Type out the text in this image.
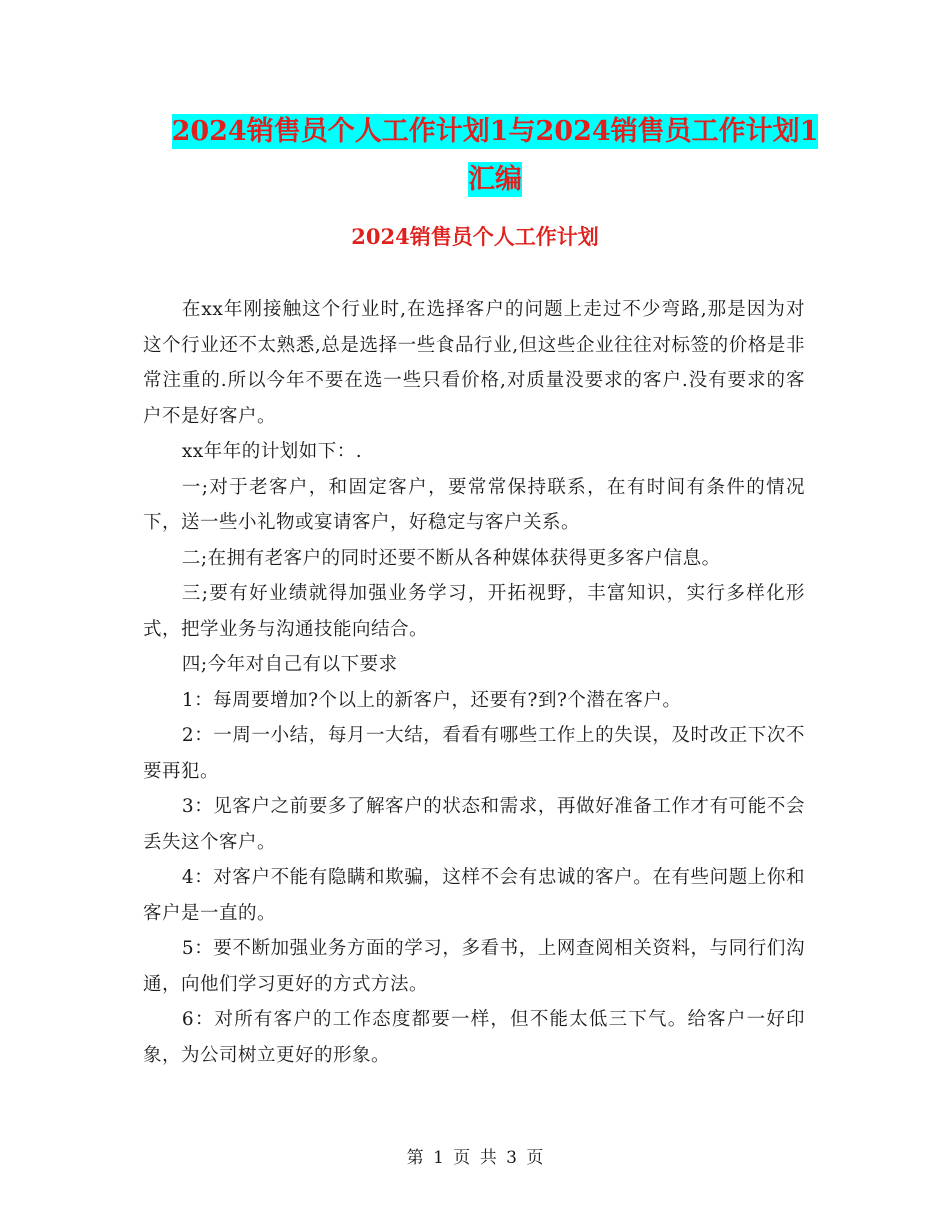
2024销售员个人工作计划1与2024销售员工作计划1
汇编
2024销售员个人工作计划

在xx年刚接触这个行业时,在选择客户的问题上走过不少弯路,那是因为对这个行业还不太熟悉,总是选择一些食品行业,但这些企业往往对标签的价格是非常注重的.所以今年不要在选一些只看价格,对质量没要求的客户.没有要求的客户不是好客户。

xx年年的计划如下：.

一;对于老客户，和固定客户，要常常保持联系，在有时间有条件的情况下，送一些小礼物或宴请客户，好稳定与客户关系。

二;在拥有老客户的同时还要不断从各种媒体获得更多客户信息。

三;要有好业绩就得加强业务学习，开拓视野，丰富知识，实行多样化形式，把学业务与沟通技能向结合。

四;今年对自己有以下要求

1：每周要增加?个以上的新客户，还要有?到?个潜在客户。

2：一周一小结，每月一大结，看看有哪些工作上的失误，及时改正下次不要再犯。

3：见客户之前要多了解客户的状态和需求，再做好准备工作才有可能不会丢失这个客户。

4：对客户不能有隐瞒和欺骗，这样不会有忠诚的客户。在有些问题上你和客户是一直的。

5：要不断加强业务方面的学习，多看书，上网查阅相关资料，与同行们沟通，向他们学习更好的方式方法。

6：对所有客户的工作态度都要一样，但不能太低三下气。给客户一好印象，为公司树立更好的形象。

第 1 页 共 3 页
